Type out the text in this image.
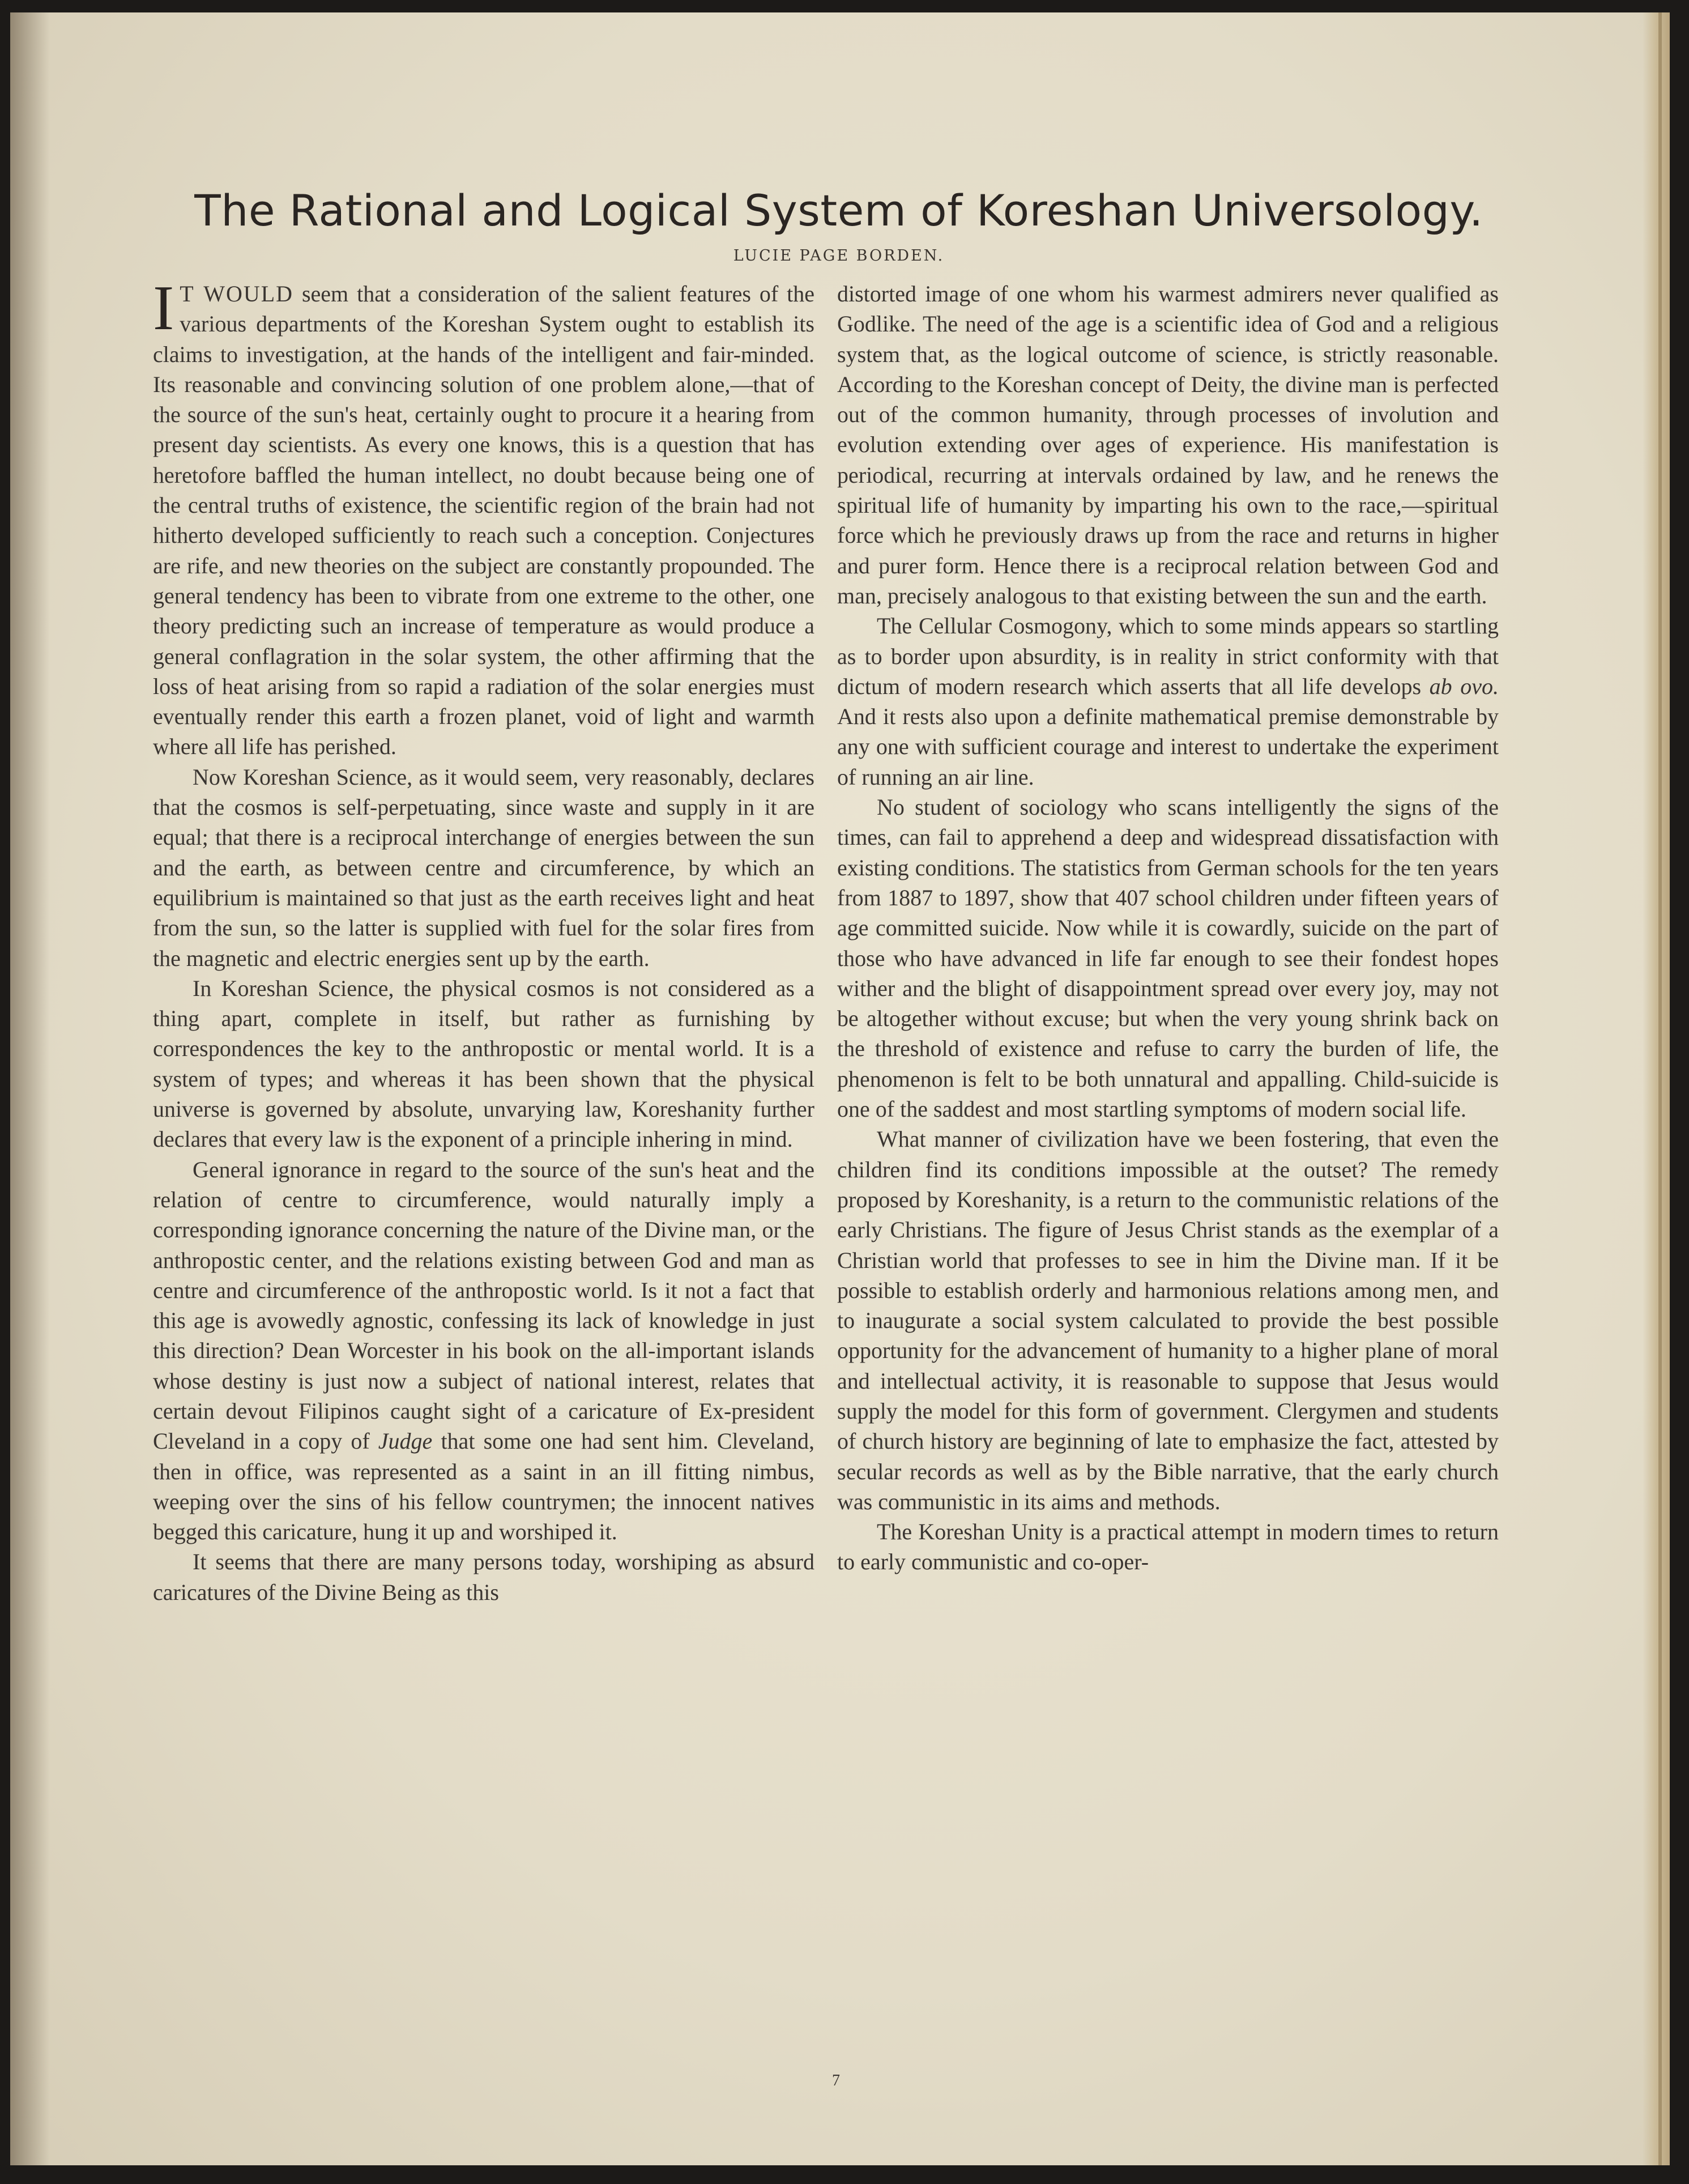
The Rational and Logical System of Koreshan Universology.
LUCIE PAGE BORDEN.

I T WOULD seem that a consideration of the salient features of the various departments of the Koreshan System ought to establish its claims to investigation, at the hands of the intelligent and fair-minded. Its reasonable and convincing solution of one problem alone,—that of the source of the sun's heat, certainly ought to procure it a hearing from present day scientists. As every one knows, this is a question that has heretofore baffled the human intellect, no doubt because being one of the central truths of existence, the scientific region of the brain had not hitherto developed sufficiently to reach such a conception. Conjectures are rife, and new theories on the subject are constantly propounded. The general tendency has been to vibrate from one extreme to the other, one theory predicting such an increase of temperature as would produce a general conflagration in the solar system, the other affirming that the loss of heat arising from so rapid a radiation of the solar energies must eventually render this earth a frozen planet, void of light and warmth where all life has perished.

Now Koreshan Science, as it would seem, very reasonably, declares that the cosmos is self-perpetuating, since waste and supply in it are equal; that there is a reciprocal interchange of energies between the sun and the earth, as between centre and circumference, by which an equilibrium is maintained so that just as the earth receives light and heat from the sun, so the latter is supplied with fuel for the solar fires from the magnetic and electric energies sent up by the earth.

In Koreshan Science, the physical cosmos is not considered as a thing apart, complete in itself, but rather as furnishing by correspondences the key to the anthropostic or mental world. It is a system of types; and whereas it has been shown that the physical universe is governed by absolute, unvarying law, Koreshanity further declares that every law is the exponent of a principle inhering in mind.

General ignorance in regard to the source of the sun's heat and the relation of centre to circumference, would naturally imply a corresponding ignorance concerning the nature of the Divine man, or the anthropostic center, and the relations existing between God and man as centre and circumference of the anthropostic world. Is it not a fact that this age is avowedly agnostic, confessing its lack of knowledge in just this direction? Dean Worcester in his book on the all-important islands whose destiny is just now a subject of national interest, relates that certain devout Filipinos caught sight of a caricature of Ex-president Cleveland in a copy of Judge that some one had sent him. Cleveland, then in office, was represented as a saint in an ill fitting nimbus, weeping over the sins of his fellow countrymen; the innocent natives begged this caricature, hung it up and worshiped it.

It seems that there are many persons today, worshiping as absurd caricatures of the Divine Being as this

distorted image of one whom his warmest admirers never qualified as Godlike. The need of the age is a scientific idea of God and a religious system that, as the logical outcome of science, is strictly reasonable. According to the Koreshan concept of Deity, the divine man is perfected out of the common humanity, through processes of involution and evolution extending over ages of experience. His manifestation is periodical, recurring at intervals ordained by law, and he renews the spiritual life of humanity by imparting his own to the race,—spiritual force which he previously draws up from the race and returns in higher and purer form. Hence there is a reciprocal relation between God and man, precisely analogous to that existing between the sun and the earth.

The Cellular Cosmogony, which to some minds appears so startling as to border upon absurdity, is in reality in strict conformity with that dictum of modern research which asserts that all life develops ab ovo. And it rests also upon a definite mathematical premise demonstrable by any one with sufficient courage and interest to undertake the experiment of running an air line.

No student of sociology who scans intelligently the signs of the times, can fail to apprehend a deep and widespread dissatisfaction with existing conditions. The statistics from German schools for the ten years from 1887 to 1897, show that 407 school children under fifteen years of age committed suicide. Now while it is cowardly, suicide on the part of those who have advanced in life far enough to see their fondest hopes wither and the blight of disappointment spread over every joy, may not be altogether without excuse; but when the very young shrink back on the threshold of existence and refuse to carry the burden of life, the phenomenon is felt to be both unnatural and appalling. Child-suicide is one of the saddest and most startling symptoms of modern social life.

What manner of civilization have we been fostering, that even the children find its conditions impossible at the outset? The remedy proposed by Koreshanity, is a return to the communistic relations of the early Christians. The figure of Jesus Christ stands as the exemplar of a Christian world that professes to see in him the Divine man. If it be possible to establish orderly and harmonious relations among men, and to inaugurate a social system calculated to provide the best possible opportunity for the advancement of humanity to a higher plane of moral and intellectual activity, it is reasonable to suppose that Jesus would supply the model for this form of government. Clergymen and students of church history are beginning of late to emphasize the fact, attested by secular records as well as by the Bible narrative, that the early church was communistic in its aims and methods.

The Koreshan Unity is a practical attempt in modern times to return to early communistic and co-oper-

7
